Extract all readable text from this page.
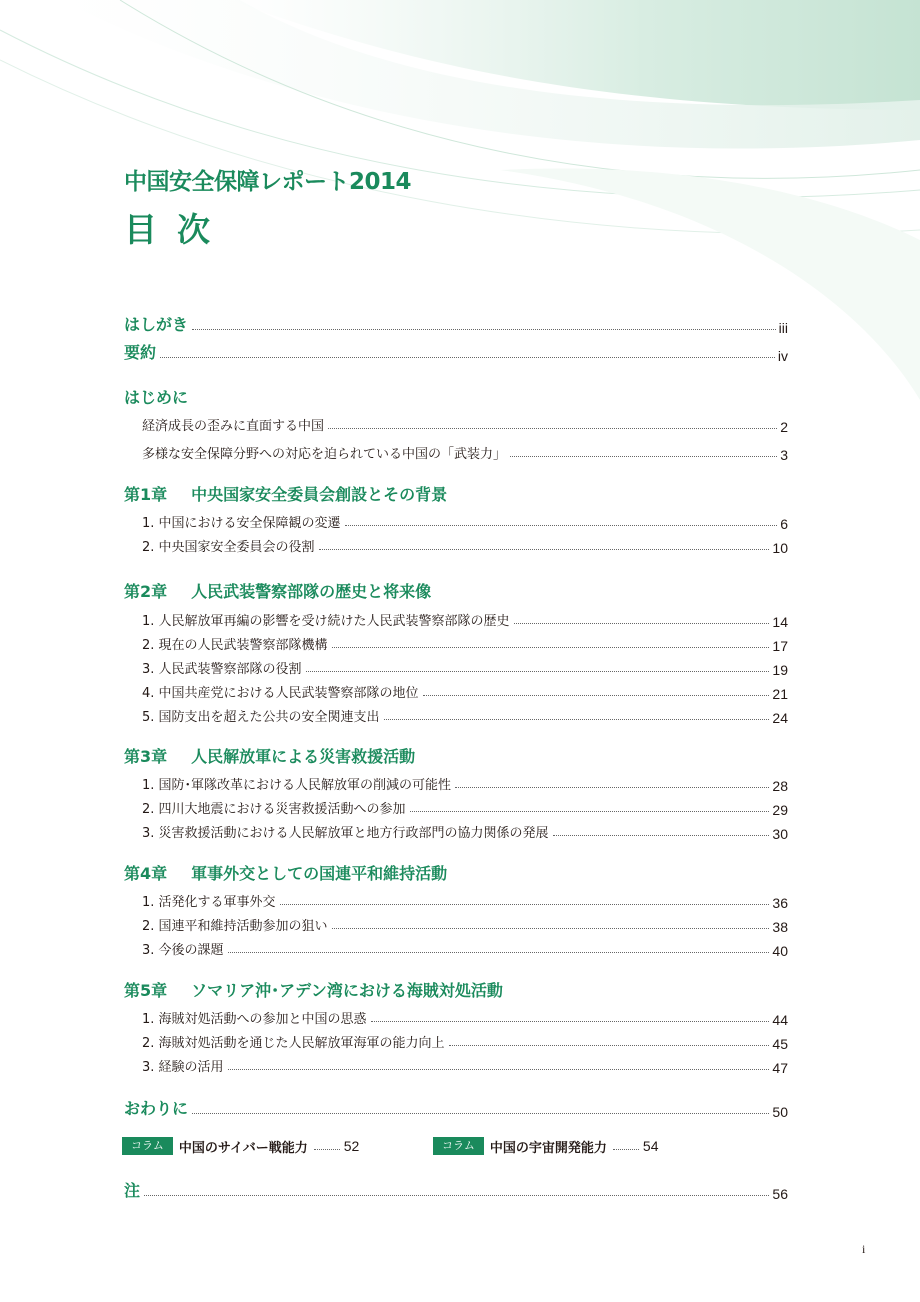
中国安全保障レポート2014
目次
はしがき	iii
要約	iv
はじめに
経済成長の歪みに直面する中国	2
多様な安全保障分野への対応を迫られている中国の「武装力」	3
第1章 中央国家安全委員会創設とその背景
1. 中国における安全保障観の変遷	6
2. 中央国家安全委員会の役割	10
第2章 人民武装警察部隊の歴史と将来像
1. 人民解放軍再編の影響を受け続けた人民武装警察部隊の歴史	14
2. 現在の人民武装警察部隊機構	17
3. 人民武装警察部隊の役割	19
4. 中国共産党における人民武装警察部隊の地位	21
5. 国防支出を超えた公共の安全関連支出	24
第3章 人民解放軍による災害救援活動
1. 国防･軍隊改革における人民解放軍の削減の可能性	28
2. 四川大地震における災害救援活動への参加	29
3. 災害救援活動における人民解放軍と地方行政部門の協力関係の発展	30
第4章 軍事外交としての国連平和維持活動
1. 活発化する軍事外交	36
2. 国連平和維持活動参加の狙い	38
3. 今後の課題	40
第5章 ソマリア沖･アデン湾における海賊対処活動
1. 海賊対処活動への参加と中国の思惑	44
2. 海賊対処活動を通じた人民解放軍海軍の能力向上	45
3. 経験の活用	47
おわりに	50
コラム	中国のサイバー戦能力	52	コラム	中国の宇宙開発能力	54
注	56
i
